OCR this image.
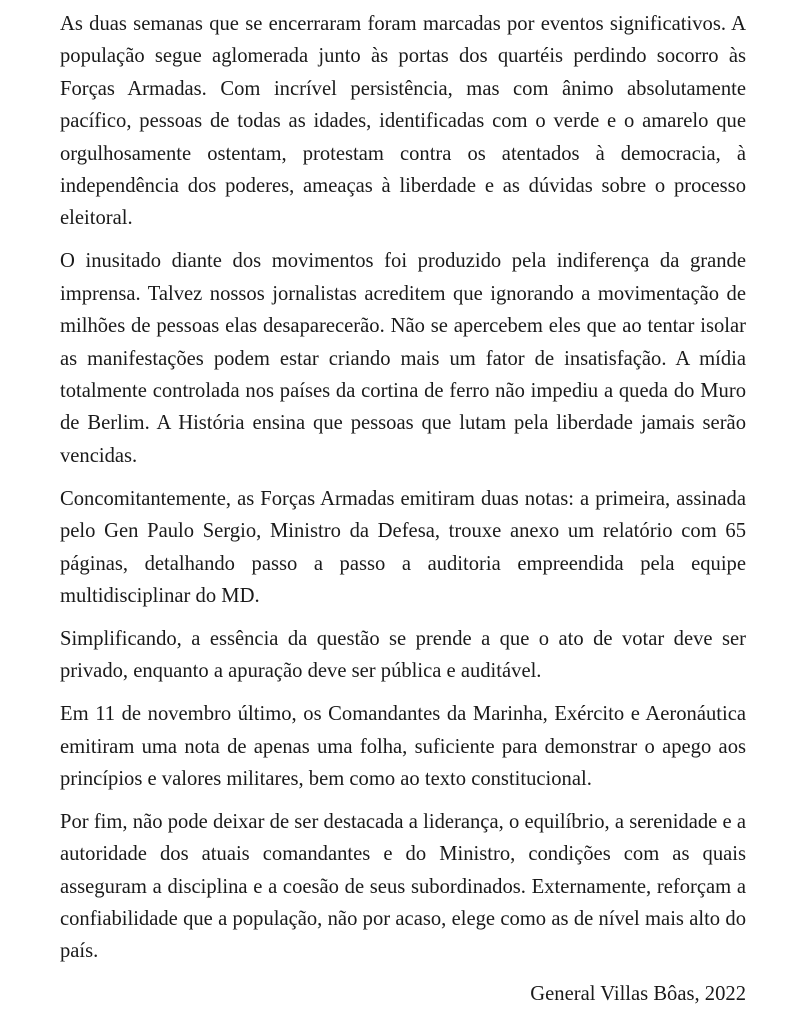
As duas semanas que se encerraram foram marcadas por eventos significativos. A população segue aglomerada junto às portas dos quartéis perdindo socorro às Forças Armadas. Com incrível persistência, mas com ânimo absolutamente pacífico, pessoas de todas as idades, identificadas com o verde e o amarelo que orgulhosamente ostentam, protestam contra os atentados à democracia, à independência dos poderes, ameaças à liberdade e as dúvidas sobre o processo eleitoral.

O inusitado diante dos movimentos foi produzido pela indiferença da grande imprensa. Talvez nossos jornalistas acreditem que ignorando a movimentação de milhões de pessoas elas desaparecerão. Não se apercebem eles que ao tentar isolar as manifestações podem estar criando mais um fator de insatisfação. A mídia totalmente controlada nos países da cortina de ferro não impediu a queda do Muro de Berlim. A História ensina que pessoas que lutam pela liberdade jamais serão vencidas.

Concomitantemente, as Forças Armadas emitiram duas notas: a primeira, assinada pelo Gen Paulo Sergio, Ministro da Defesa, trouxe anexo um relatório com 65 páginas, detalhando passo a passo a auditoria empreendida pela equipe multidisciplinar do MD.

Simplificando, a essência da questão se prende a que o ato de votar deve ser privado, enquanto a apuração deve ser pública e auditável.

Em 11 de novembro último, os Comandantes da Marinha, Exército e Aeronáutica emitiram uma nota de apenas uma folha, suficiente para demonstrar o apego aos princípios e valores militares, bem como ao texto constitucional.

Por fim, não pode deixar de ser destacada a liderança, o equilíbrio, a serenidade e a autoridade dos atuais comandantes e do Ministro, condições com as quais asseguram a disciplina e a coesão de seus subordinados. Externamente, reforçam a confiabilidade que a população, não por acaso, elege como as de nível mais alto do país.

General Villas Bôas, 2022
